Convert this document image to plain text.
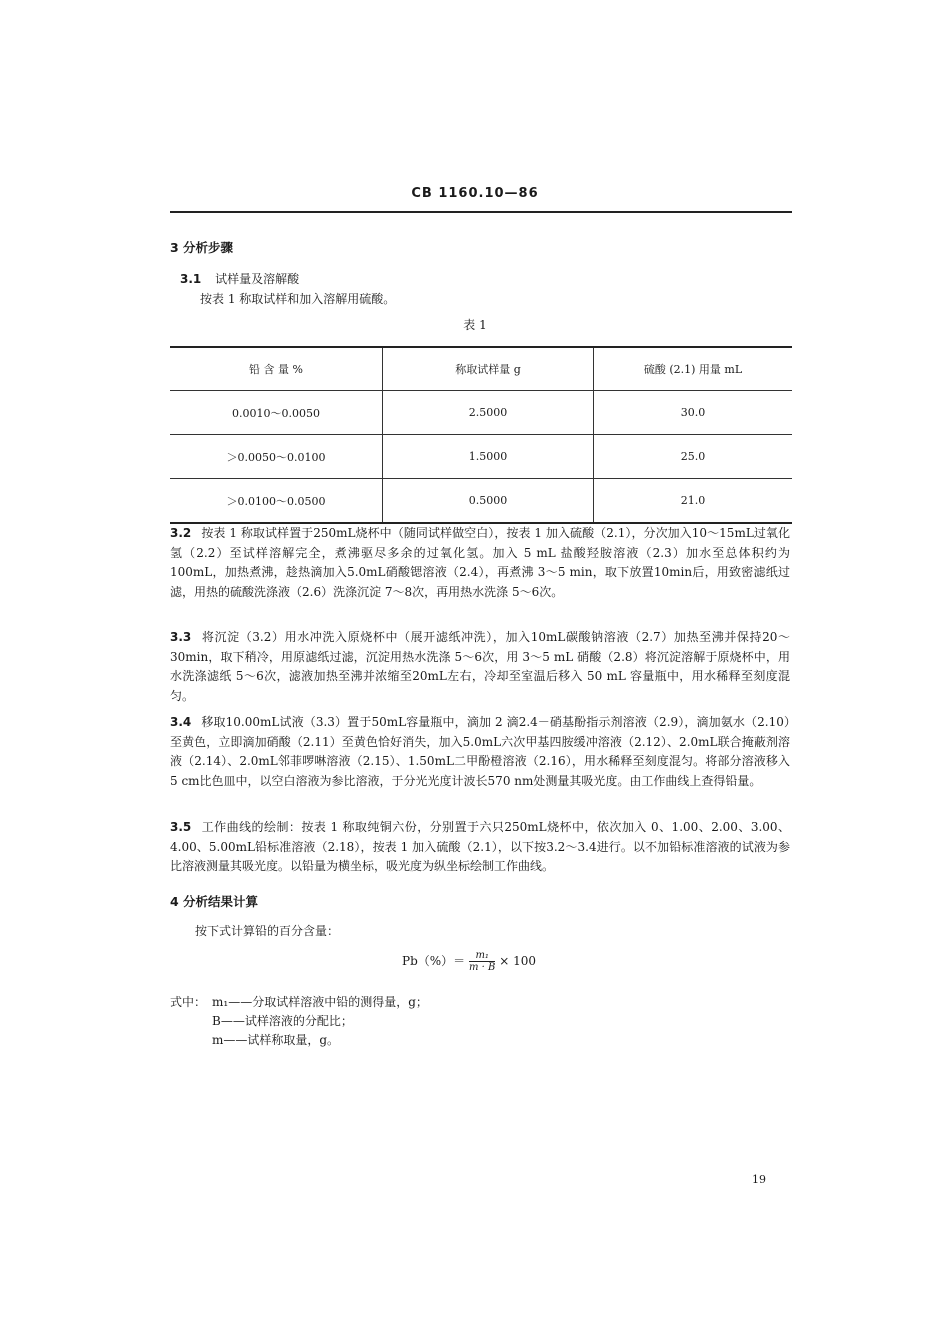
CB 1160.10—86
3 分析步骤
3.1 试样量及溶解酸
按表 1 称取试样和加入溶解用硫酸。
表 1
铅 含 量 %	称取试样量 g	硫酸 (2.1) 用量 mL
0.0010～0.0050	2.5000	30.0
＞0.0050～0.0100	1.5000	25.0
＞0.0100～0.0500	0.5000	21.0
3.2 按表 1 称取试样置于250mL烧杯中（随同试样做空白），按表 1 加入硫酸（2.1），分次加入10～15mL过氧化氢（2.2）至试样溶解完全，煮沸驱尽多余的过氧化氢。加入 5 mL 盐酸羟胺溶液（2.3）加水至总体积约为100mL，加热煮沸，趁热滴加入5.0mL硝酸锶溶液（2.4），再煮沸 3～5 min，取下放置10min后，用致密滤纸过滤，用热的硫酸洗涤液（2.6）洗涤沉淀 7～8次，再用热水洗涤 5～6次。
3.3 将沉淀（3.2）用水冲洗入原烧杯中（展开滤纸冲洗），加入10mL碳酸钠溶液（2.7）加热至沸并保持20～30min，取下稍冷，用原滤纸过滤，沉淀用热水洗涤 5～6次，用 3～5 mL 硝酸（2.8）将沉淀溶解于原烧杯中，用水洗涤滤纸 5～6次，滤液加热至沸并浓缩至20mL左右，冷却至室温后移入 50 mL 容量瓶中，用水稀释至刻度混匀。
3.4 移取10.00mL试液（3.3）置于50mL容量瓶中，滴加 2 滴2.4－硝基酚指示剂溶液（2.9），滴加氨水（2.10）至黄色，立即滴加硝酸（2.11）至黄色恰好消失，加入5.0mL六次甲基四胺缓冲溶液（2.12）、2.0mL联合掩蔽剂溶液（2.14）、2.0mL邻菲啰啉溶液（2.15）、1.50mL二甲酚橙溶液（2.16），用水稀释至刻度混匀。将部分溶液移入 5 cm比色皿中，以空白溶液为参比溶液，于分光光度计波长570 nm处测量其吸光度。由工作曲线上查得铅量。
3.5 工作曲线的绘制：按表 1 称取纯铜六份，分别置于六只250mL烧杯中，依次加入 0、1.00、2.00、3.00、4.00、5.00mL铅标准溶液（2.18），按表 1 加入硫酸（2.1），以下按3.2～3.4进行。以不加铅标准溶液的试液为参比溶液测量其吸光度。以铅量为横坐标，吸光度为纵坐标绘制工作曲线。
4 分析结果计算
按下式计算铅的百分含量：
$Pb(\%)= \frac{\text{m₁}}{m \cdot B} \times 100$
式中： m₁——分取试样溶液中铅的测得量，g；
B——试样溶液的分配比；
m——试样称取量，g。
19
